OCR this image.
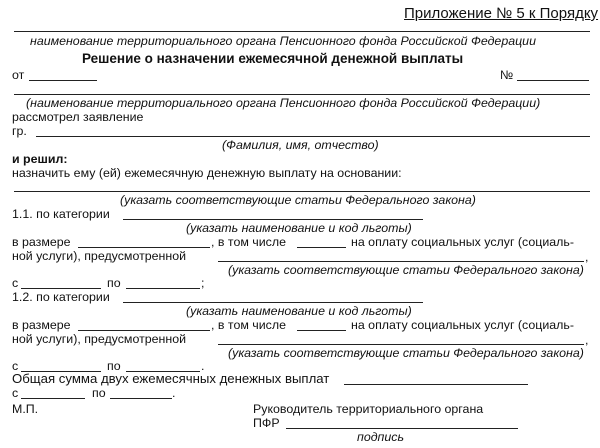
Приложение № 5 к Порядку
наименование территориального органа Пенсионного фонда Российской Федерации
Решение о назначении ежемесячной денежной выплаты
от	№
(наименование территориального органа Пенсионного фонда Российской Федерации)
рассмотрел заявление
гр.
(Фамилия, имя, отчество)
и решил:
назначить ему (ей) ежемесячную денежную выплату на основании:
(указать соответствующие статьи Федерального закона)
1.1. по категории
(указать наименование и код льготы)
в размере	, в том числе	на оплату социальных услуг (социаль-
ной услуги), предусмотренной	,
(указать соответствующие статьи Федерального закона)
с	по	;
1.2. по категории
(указать наименование и код льготы)
в размере	, в том числе	на оплату социальных услуг (социаль-
ной услуги), предусмотренной	,
(указать соответствующие статьи Федерального закона)
с	по	.
Общая сумма двух ежемесячных денежных выплат
с	по	.
М.П.	Руководитель территориального органа
ПФР
подпись
